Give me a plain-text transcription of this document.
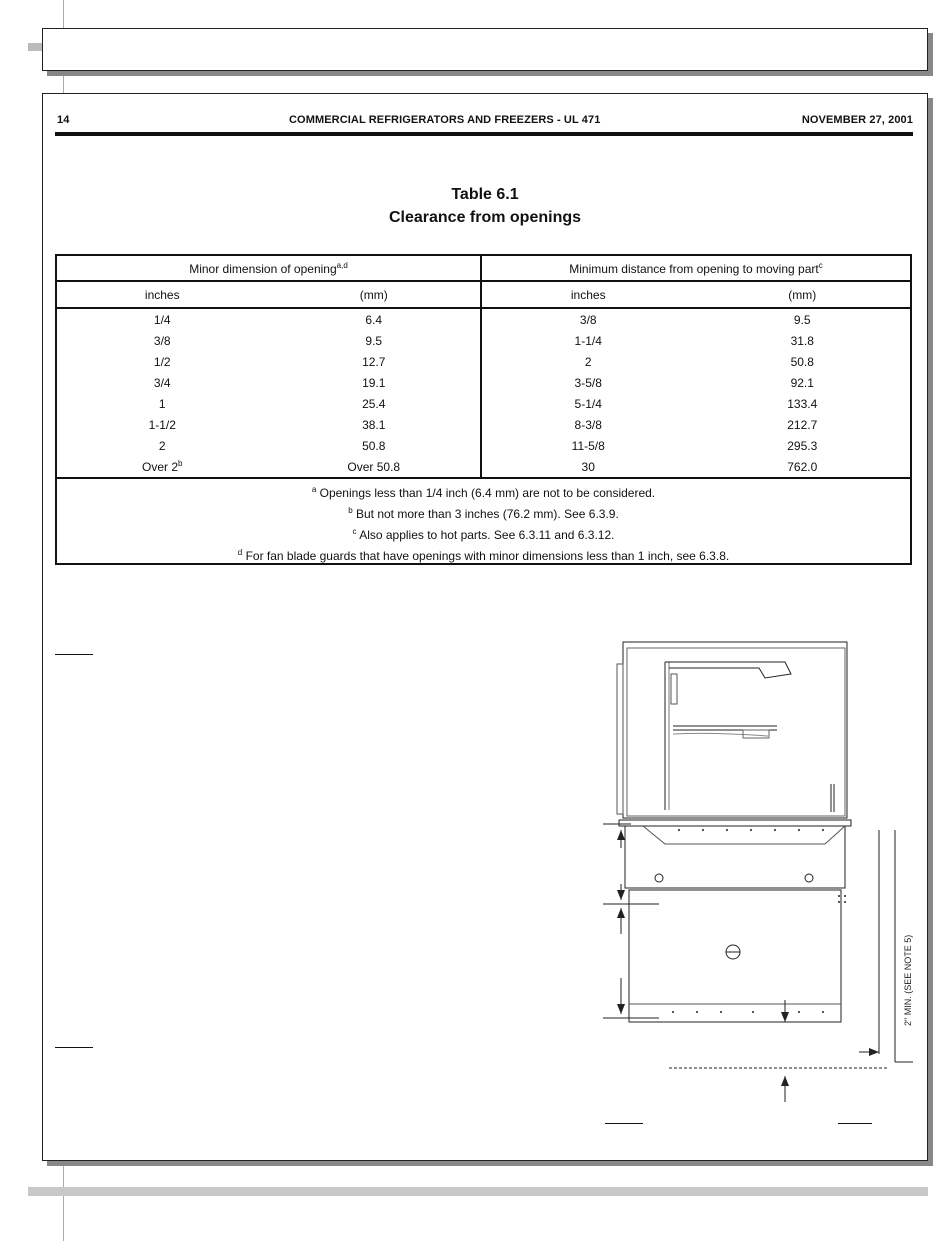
14	COMMERCIAL REFRIGERATORS AND FREEZERS - UL 471	NOVEMBER 27, 2001
Table 6.1
Clearance from openings
Minor dimension of opening$^{a,d}$		Minimum distance from opening to moving part$^c$
inches	(mm)	inches	(mm)
1/4	6.4	3/8	9.5
3/8	9.5	1-1/4	31.8
1/2	12.7	2	50.8
3/4	19.1	3-5/8	92.1
1	25.4	5-1/4	133.4
1-1/2	38.1	8-3/8	212.7
2	50.8	11-5/8	295.3
Over 2$^b$	Over 50.8	30	762.0

$^a$ Openings less than 1/4 inch (6.4 mm) are not to be considered.
$^b$ But not more than 3 inches (76.2 mm). See 6.3.9.
$^c$ Also applies to hot parts. See 6.3.11 and 6.3.12.
$^d$ For fan blade guards that have openings with minor dimensions less than 1 inch, see 6.3.8.			
2" MIN. (SEE NOTE 5)
